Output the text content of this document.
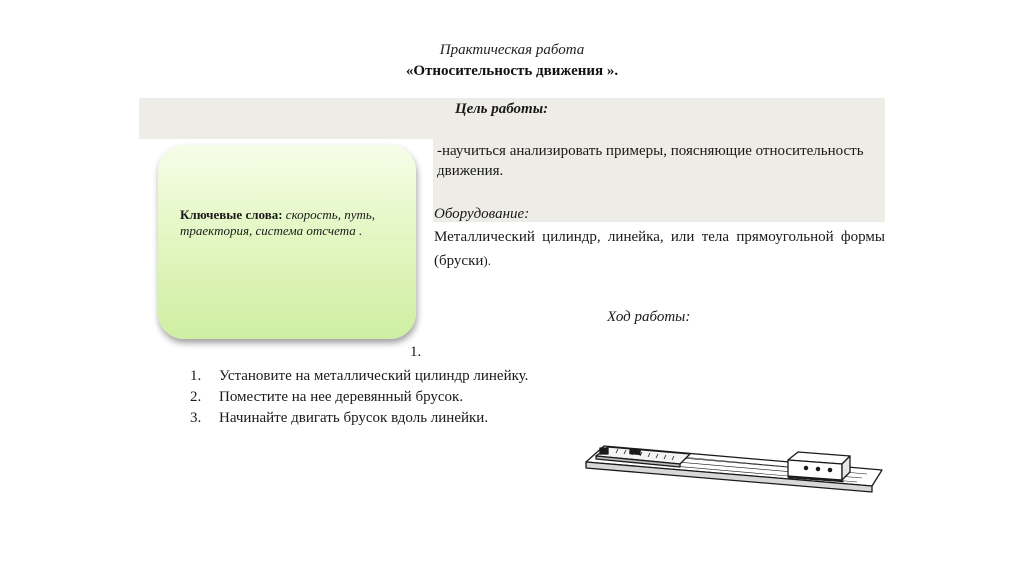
Практическая работа
«Относительность движения ».
Цель работы:
-научиться анализировать примеры, поясняющие относительность движения.
Оборудование:
Металлический цилиндр, линейка, или тела прямоугольной формы (бруски).
Ключевые слова: скорость, путь, траектория, система отсчета .
Ход работы:
1.
1.	Установите на металлический цилиндр линейку.
2.	Поместите на нее деревянный брусок.
3.	Начинайте двигать брусок вдоль линейки.
